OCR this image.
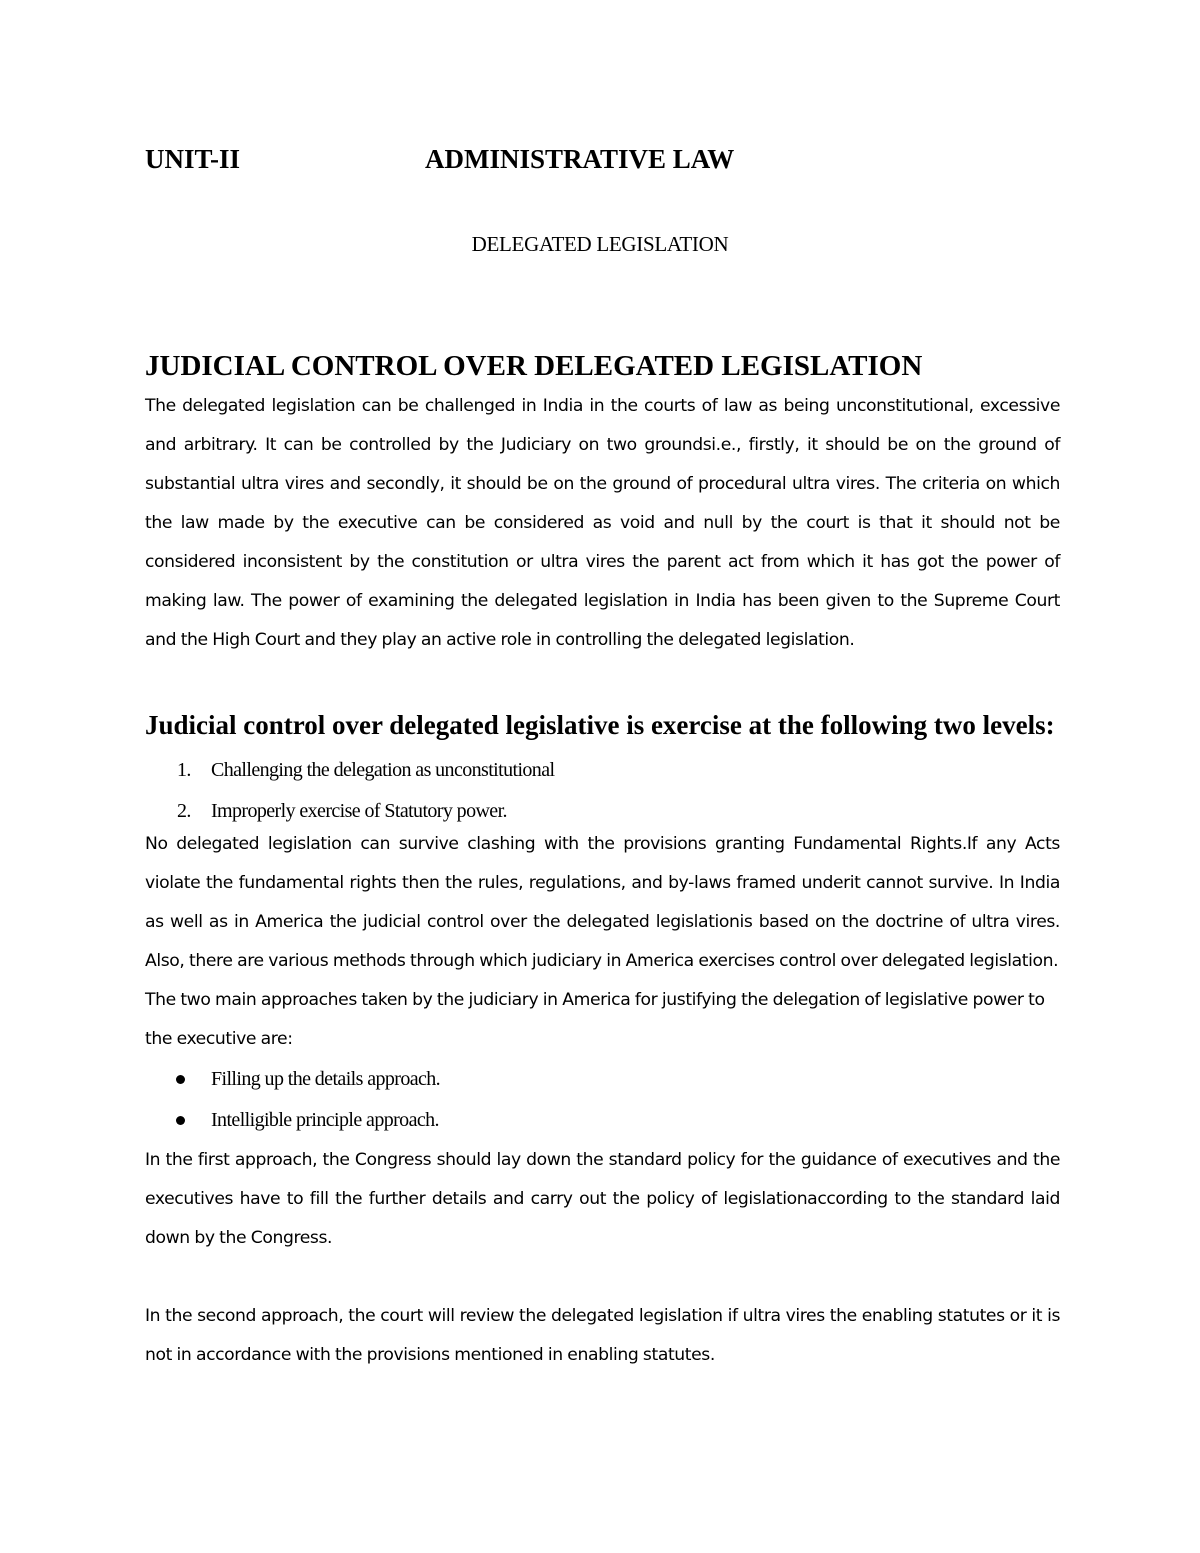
UNIT-II	ADMINISTRATIVE LAW
DELEGATED LEGISLATION
JUDICIAL CONTROL OVER DELEGATED LEGISLATION

The delegated legislation can be challenged in India in the courts of law as being unconstitutional, excessive and arbitrary. It can be controlled by the Judiciary on two groundsi.e., firstly, it should be on the ground of substantial ultra vires and secondly, it should be on the ground of procedural ultra vires. The criteria on which the law made by the executive can be considered as void and null by the court is that it should not be considered inconsistent by the constitution or ultra vires the parent act from which it has got the power of making law. The power of examining the delegated legislation in India has been given to the Supreme Court and the High Court and they play an active role in controlling the delegated legislation.

Judicial control over delegated legislative is exercise at the following two levels:
1. Challenging the delegation as unconstitutional
2. Improperly exercise of Statutory power.

No delegated legislation can survive clashing with the provisions granting Fundamental Rights.If any Acts violate the fundamental rights then the rules, regulations, and by-laws framed underit cannot survive. In India as well as in America the judicial control over the delegated legislationis based on the doctrine of ultra vires. Also, there are various methods through which judiciary in America exercises control over delegated legislation.

The two main approaches taken by the judiciary in America for justifying the delegation of legislative power to the executive are:

Filling up the details approach.
Intelligible principle approach.

In the first approach, the Congress should lay down the standard policy for the guidance of executives and the executives have to fill the further details and carry out the policy of legislationaccording to the standard laid down by the Congress.

In the second approach, the court will review the delegated legislation if ultra vires the enabling statutes or it is not in accordance with the provisions mentioned in enabling statutes.
